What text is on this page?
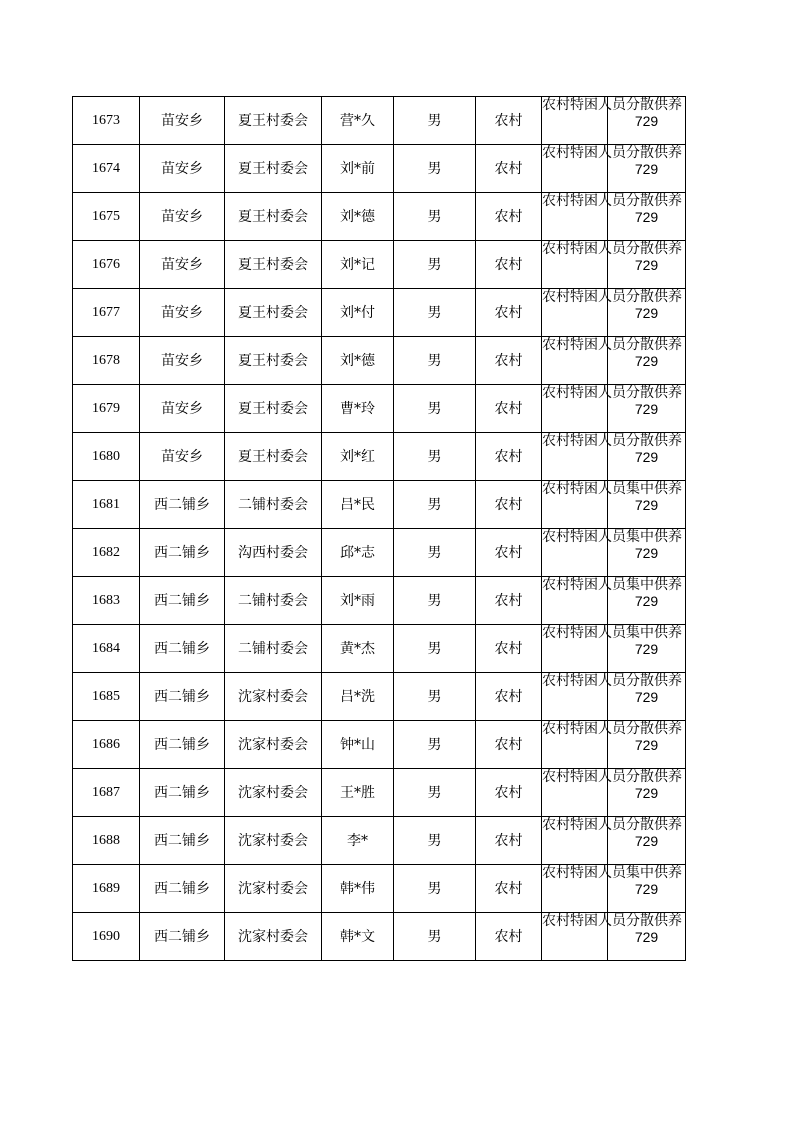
1673	苗安乡	夏王村委会	营*久	男	农村	农村特困人员分散供养	729
1674	苗安乡	夏王村委会	刘*前	男	农村	农村特困人员分散供养	729
1675	苗安乡	夏王村委会	刘*德	男	农村	农村特困人员分散供养	729
1676	苗安乡	夏王村委会	刘*记	男	农村	农村特困人员分散供养	729
1677	苗安乡	夏王村委会	刘*付	男	农村	农村特困人员分散供养	729
1678	苗安乡	夏王村委会	刘*德	男	农村	农村特困人员分散供养	729
1679	苗安乡	夏王村委会	曹*玲	男	农村	农村特困人员分散供养	729
1680	苗安乡	夏王村委会	刘*红	男	农村	农村特困人员分散供养	729
1681	西二铺乡	二铺村委会	吕*民	男	农村	农村特困人员集中供养	729
1682	西二铺乡	沟西村委会	邱*志	男	农村	农村特困人员集中供养	729
1683	西二铺乡	二铺村委会	刘*雨	男	农村	农村特困人员集中供养	729
1684	西二铺乡	二铺村委会	黄*杰	男	农村	农村特困人员集中供养	729
1685	西二铺乡	沈家村委会	吕*洗	男	农村	农村特困人员分散供养	729
1686	西二铺乡	沈家村委会	钟*山	男	农村	农村特困人员分散供养	729
1687	西二铺乡	沈家村委会	王*胜	男	农村	农村特困人员分散供养	729
1688	西二铺乡	沈家村委会	李*	男	农村	农村特困人员分散供养	729
1689	西二铺乡	沈家村委会	韩*伟	男	农村	农村特困人员集中供养	729
1690	西二铺乡	沈家村委会	韩*文	男	农村	农村特困人员分散供养	729
